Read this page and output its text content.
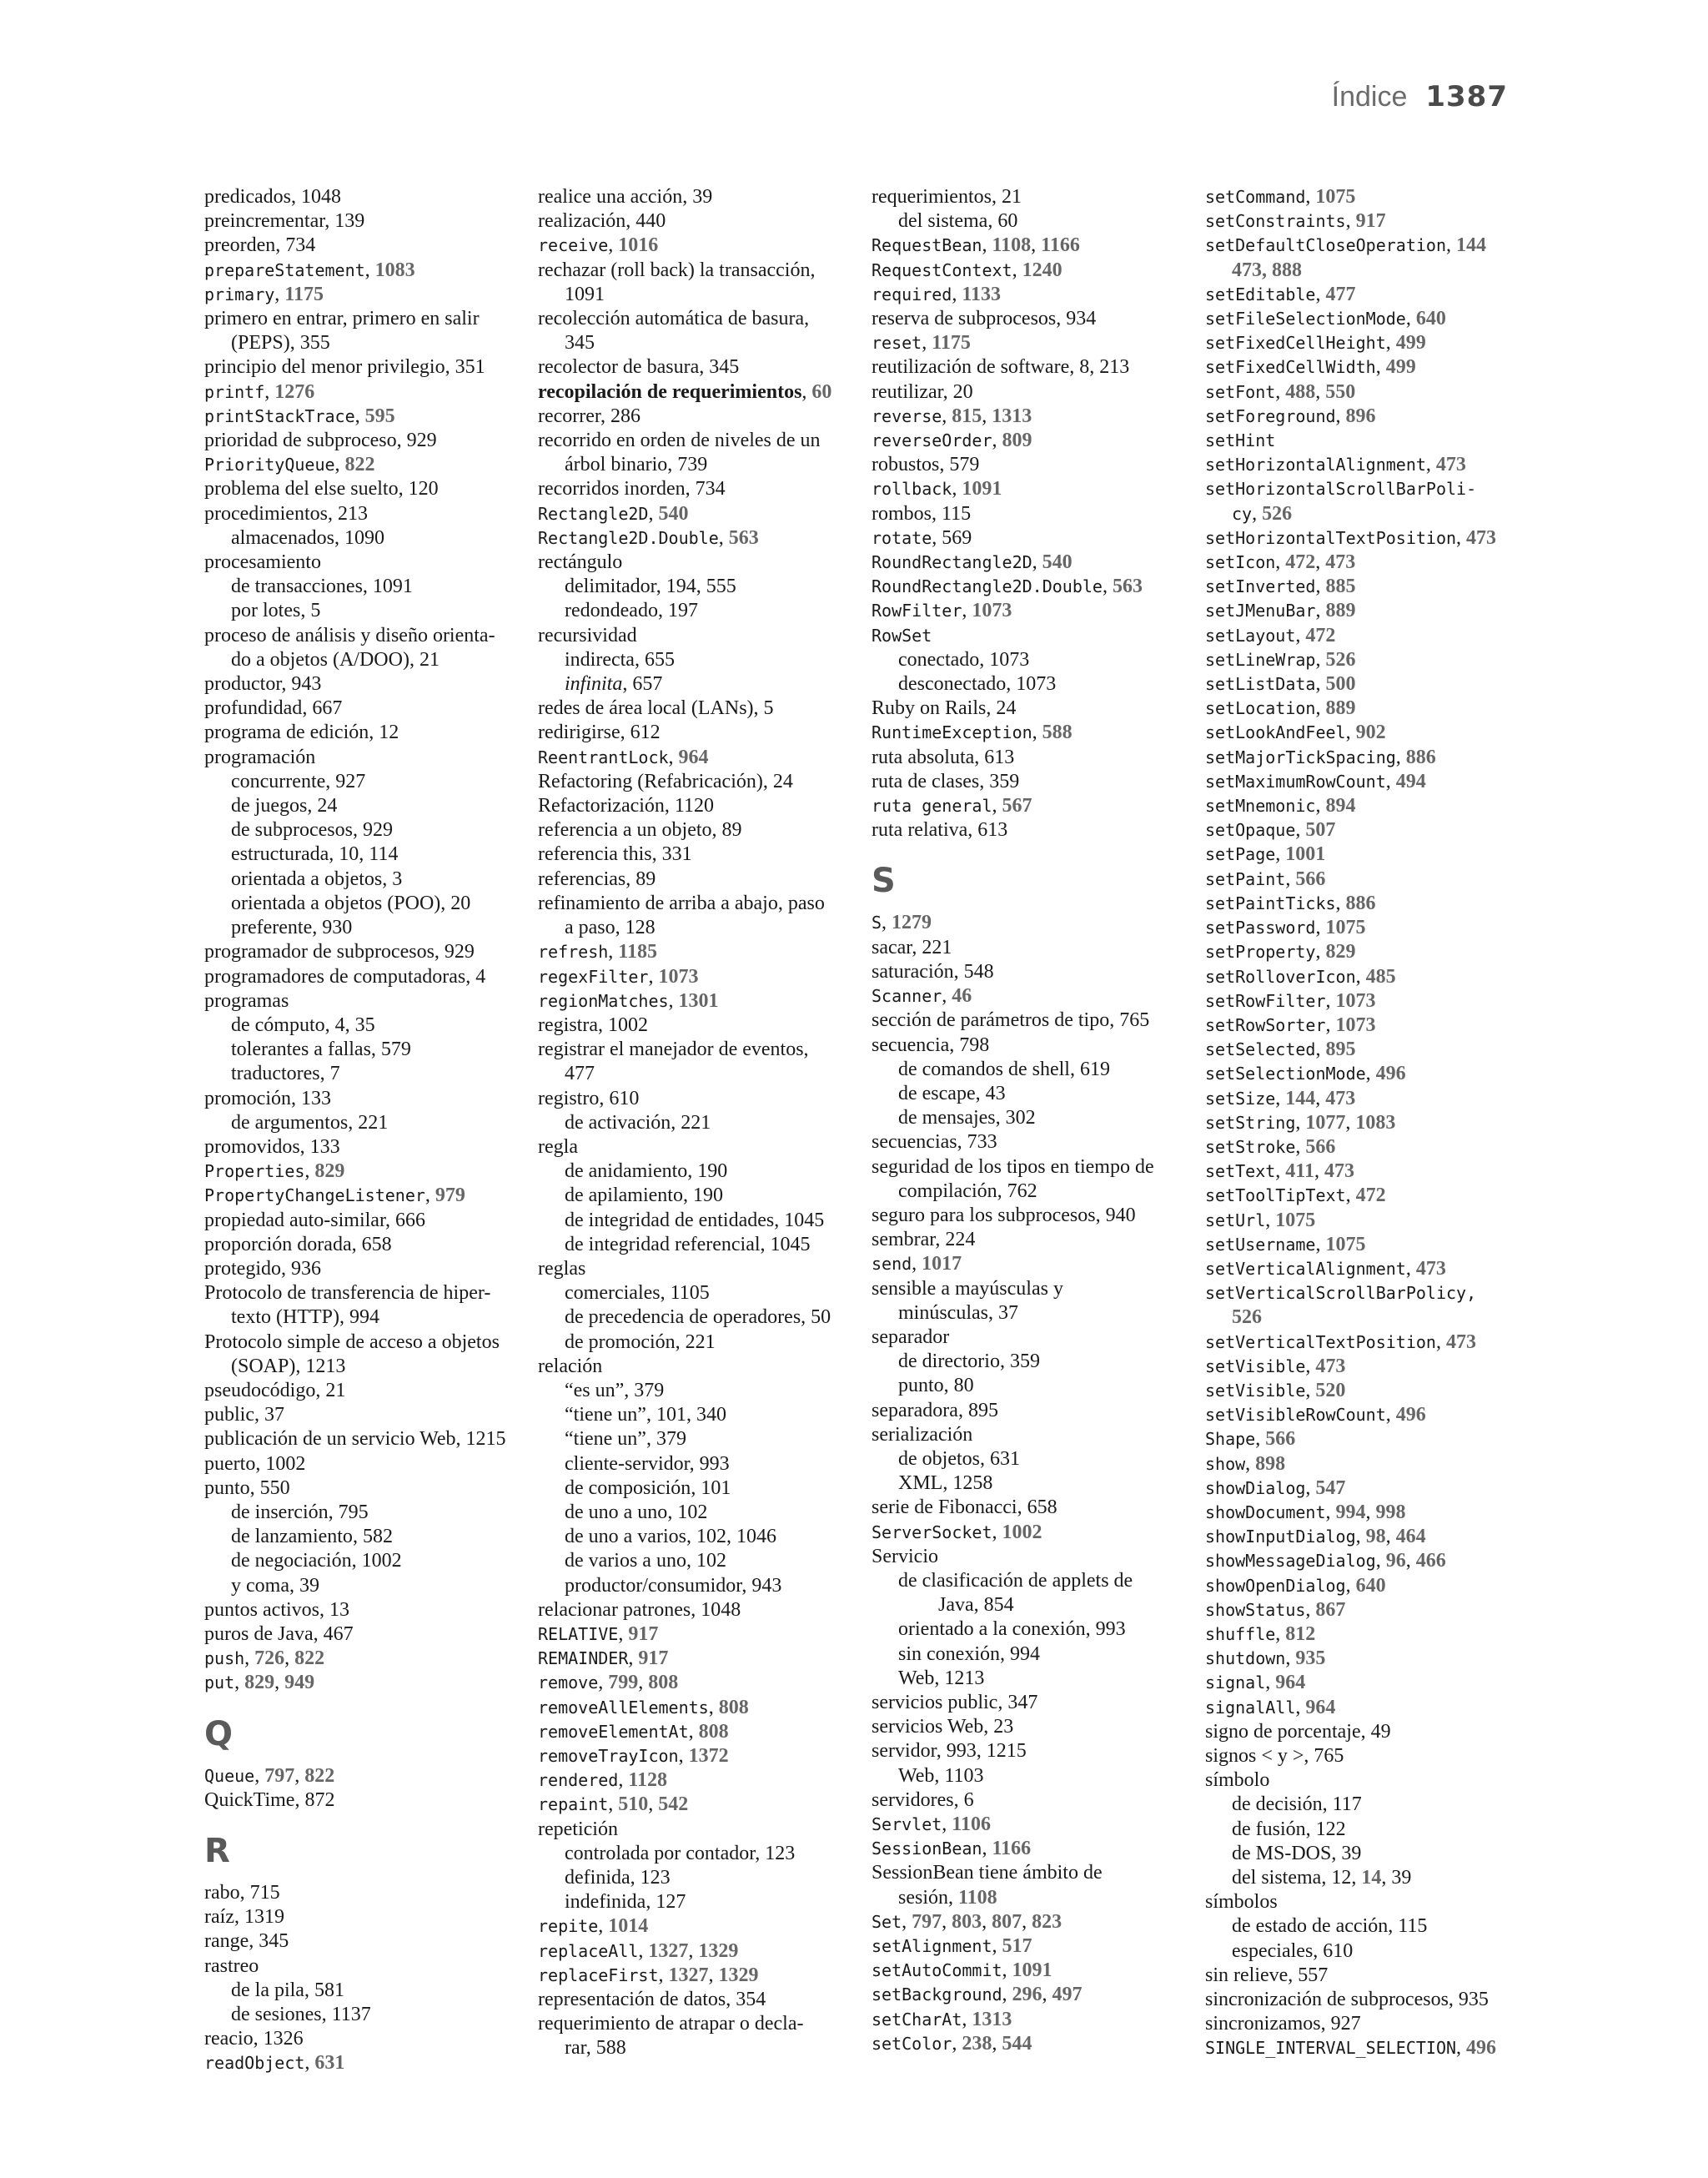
Índice 1387
predicados, 1048
preincrementar, 139
preorden, 734
prepareStatement, 1083
primary, 1175
primero en entrar, primero en salir
(PEPS), 355
principio del menor privilegio, 351
printf, 1276
printStackTrace, 595
prioridad de subproceso, 929
PriorityQueue, 822
problema del else suelto, 120
procedimientos, 213
almacenados, 1090
procesamiento
de transacciones, 1091
por lotes, 5
proceso de análisis y diseño orienta-
do a objetos (A/DOO), 21
productor, 943
profundidad, 667
programa de edición, 12
programación
concurrente, 927
de juegos, 24
de subprocesos, 929
estructurada, 10, 114
orientada a objetos, 3
orientada a objetos (POO), 20
preferente, 930
programador de subprocesos, 929
programadores de computadoras, 4
programas
de cómputo, 4, 35
tolerantes a fallas, 579
traductores, 7
promoción, 133
de argumentos, 221
promovidos, 133
Properties, 829
PropertyChangeListener, 979
propiedad auto-similar, 666
proporción dorada, 658
protegido, 936
Protocolo de transferencia de hiper-
texto (HTTP), 994
Protocolo simple de acceso a objetos
(SOAP), 1213
pseudocódigo, 21
public, 37
publicación de un servicio Web, 1215
puerto, 1002
punto, 550
de inserción, 795
de lanzamiento, 582
de negociación, 1002
y coma, 39
puntos activos, 13
puros de Java, 467
push, 726, 822
put, 829, 949
Q
Queue, 797, 822
QuickTime, 872
R
rabo, 715
raíz, 1319
range, 345
rastreo
de la pila, 581
de sesiones, 1137
reacio, 1326
readObject, 631
realice una acción, 39
realización, 440
receive, 1016
rechazar (roll back) la transacción,
1091
recolección automática de basura,
345
recolector de basura, 345
recopilación de requerimientos, 60
recorrer, 286
recorrido en orden de niveles de un
árbol binario, 739
recorridos inorden, 734
Rectangle2D, 540
Rectangle2D.Double, 563
rectángulo
delimitador, 194, 555
redondeado, 197
recursividad
indirecta, 655
infinita, 657
redes de área local (LANs), 5
redirigirse, 612
ReentrantLock, 964
Refactoring (Refabricación), 24
Refactorización, 1120
referencia a un objeto, 89
referencia this, 331
referencias, 89
refinamiento de arriba a abajo, paso
a paso, 128
refresh, 1185
regexFilter, 1073
regionMatches, 1301
registra, 1002
registrar el manejador de eventos,
477
registro, 610
de activación, 221
regla
de anidamiento, 190
de apilamiento, 190
de integridad de entidades, 1045
de integridad referencial, 1045
reglas
comerciales, 1105
de precedencia de operadores, 50
de promoción, 221
relación
“es un”, 379
“tiene un”, 101, 340
“tiene un”, 379
cliente-servidor, 993
de composición, 101
de uno a uno, 102
de uno a varios, 102, 1046
de varios a uno, 102
productor/consumidor, 943
relacionar patrones, 1048
RELATIVE, 917
REMAINDER, 917
remove, 799, 808
removeAllElements, 808
removeElementAt, 808
removeTrayIcon, 1372
rendered, 1128
repaint, 510, 542
repetición
controlada por contador, 123
definida, 123
indefinida, 127
repite, 1014
replaceAll, 1327, 1329
replaceFirst, 1327, 1329
representación de datos, 354
requerimiento de atrapar o decla-
rar, 588
requerimientos, 21
del sistema, 60
RequestBean, 1108, 1166
RequestContext, 1240
required, 1133
reserva de subprocesos, 934
reset, 1175
reutilización de software, 8, 213
reutilizar, 20
reverse, 815, 1313
reverseOrder, 809
robustos, 579
rollback, 1091
rombos, 115
rotate, 569
RoundRectangle2D, 540
RoundRectangle2D.Double, 563
RowFilter, 1073
RowSet
conectado, 1073
desconectado, 1073
Ruby on Rails, 24
RuntimeException, 588
ruta absoluta, 613
ruta de clases, 359
ruta general, 567
ruta relativa, 613
S
S, 1279
sacar, 221
saturación, 548
Scanner, 46
sección de parámetros de tipo, 765
secuencia, 798
de comandos de shell, 619
de escape, 43
de mensajes, 302
secuencias, 733
seguridad de los tipos en tiempo de
compilación, 762
seguro para los subprocesos, 940
sembrar, 224
send, 1017
sensible a mayúsculas y
minúsculas, 37
separador
de directorio, 359
punto, 80
separadora, 895
serialización
de objetos, 631
XML, 1258
serie de Fibonacci, 658
ServerSocket, 1002
Servicio
de clasificación de applets de
Java, 854
orientado a la conexión, 993
sin conexión, 994
Web, 1213
servicios public, 347
servicios Web, 23
servidor, 993, 1215
Web, 1103
servidores, 6
Servlet, 1106
SessionBean, 1166
SessionBean tiene ámbito de
sesión, 1108
Set, 797, 803, 807, 823
setAlignment, 517
setAutoCommit, 1091
setBackground, 296, 497
setCharAt, 1313
setColor, 238, 544
setCommand, 1075
setConstraints, 917
setDefaultCloseOperation, 144
473, 888
setEditable, 477
setFileSelectionMode, 640
setFixedCellHeight, 499
setFixedCellWidth, 499
setFont, 488, 550
setForeground, 896
setHint
setHorizontalAlignment, 473
setHorizontalScrollBarPoli-
cy, 526
setHorizontalTextPosition, 473
setIcon, 472, 473
setInverted, 885
setJMenuBar, 889
setLayout, 472
setLineWrap, 526
setListData, 500
setLocation, 889
setLookAndFeel, 902
setMajorTickSpacing, 886
setMaximumRowCount, 494
setMnemonic, 894
setOpaque, 507
setPage, 1001
setPaint, 566
setPaintTicks, 886
setPassword, 1075
setProperty, 829
setRolloverIcon, 485
setRowFilter, 1073
setRowSorter, 1073
setSelected, 895
setSelectionMode, 496
setSize, 144, 473
setString, 1077, 1083
setStroke, 566
setText, 411, 473
setToolTipText, 472
setUrl, 1075
setUsername, 1075
setVerticalAlignment, 473
setVerticalScrollBarPolicy,
526
setVerticalTextPosition, 473
setVisible, 473
setVisible, 520
setVisibleRowCount, 496
Shape, 566
show, 898
showDialog, 547
showDocument, 994, 998
showInputDialog, 98, 464
showMessageDialog, 96, 466
showOpenDialog, 640
showStatus, 867
shuffle, 812
shutdown, 935
signal, 964
signalAll, 964
signo de porcentaje, 49
signos < y >, 765
símbolo
de decisión, 117
de fusión, 122
de MS-DOS, 39
del sistema, 12, 14, 39
símbolos
de estado de acción, 115
especiales, 610
sin relieve, 557
sincronización de subprocesos, 935
sincronizamos, 927
SINGLE_INTERVAL_SELECTION, 496
